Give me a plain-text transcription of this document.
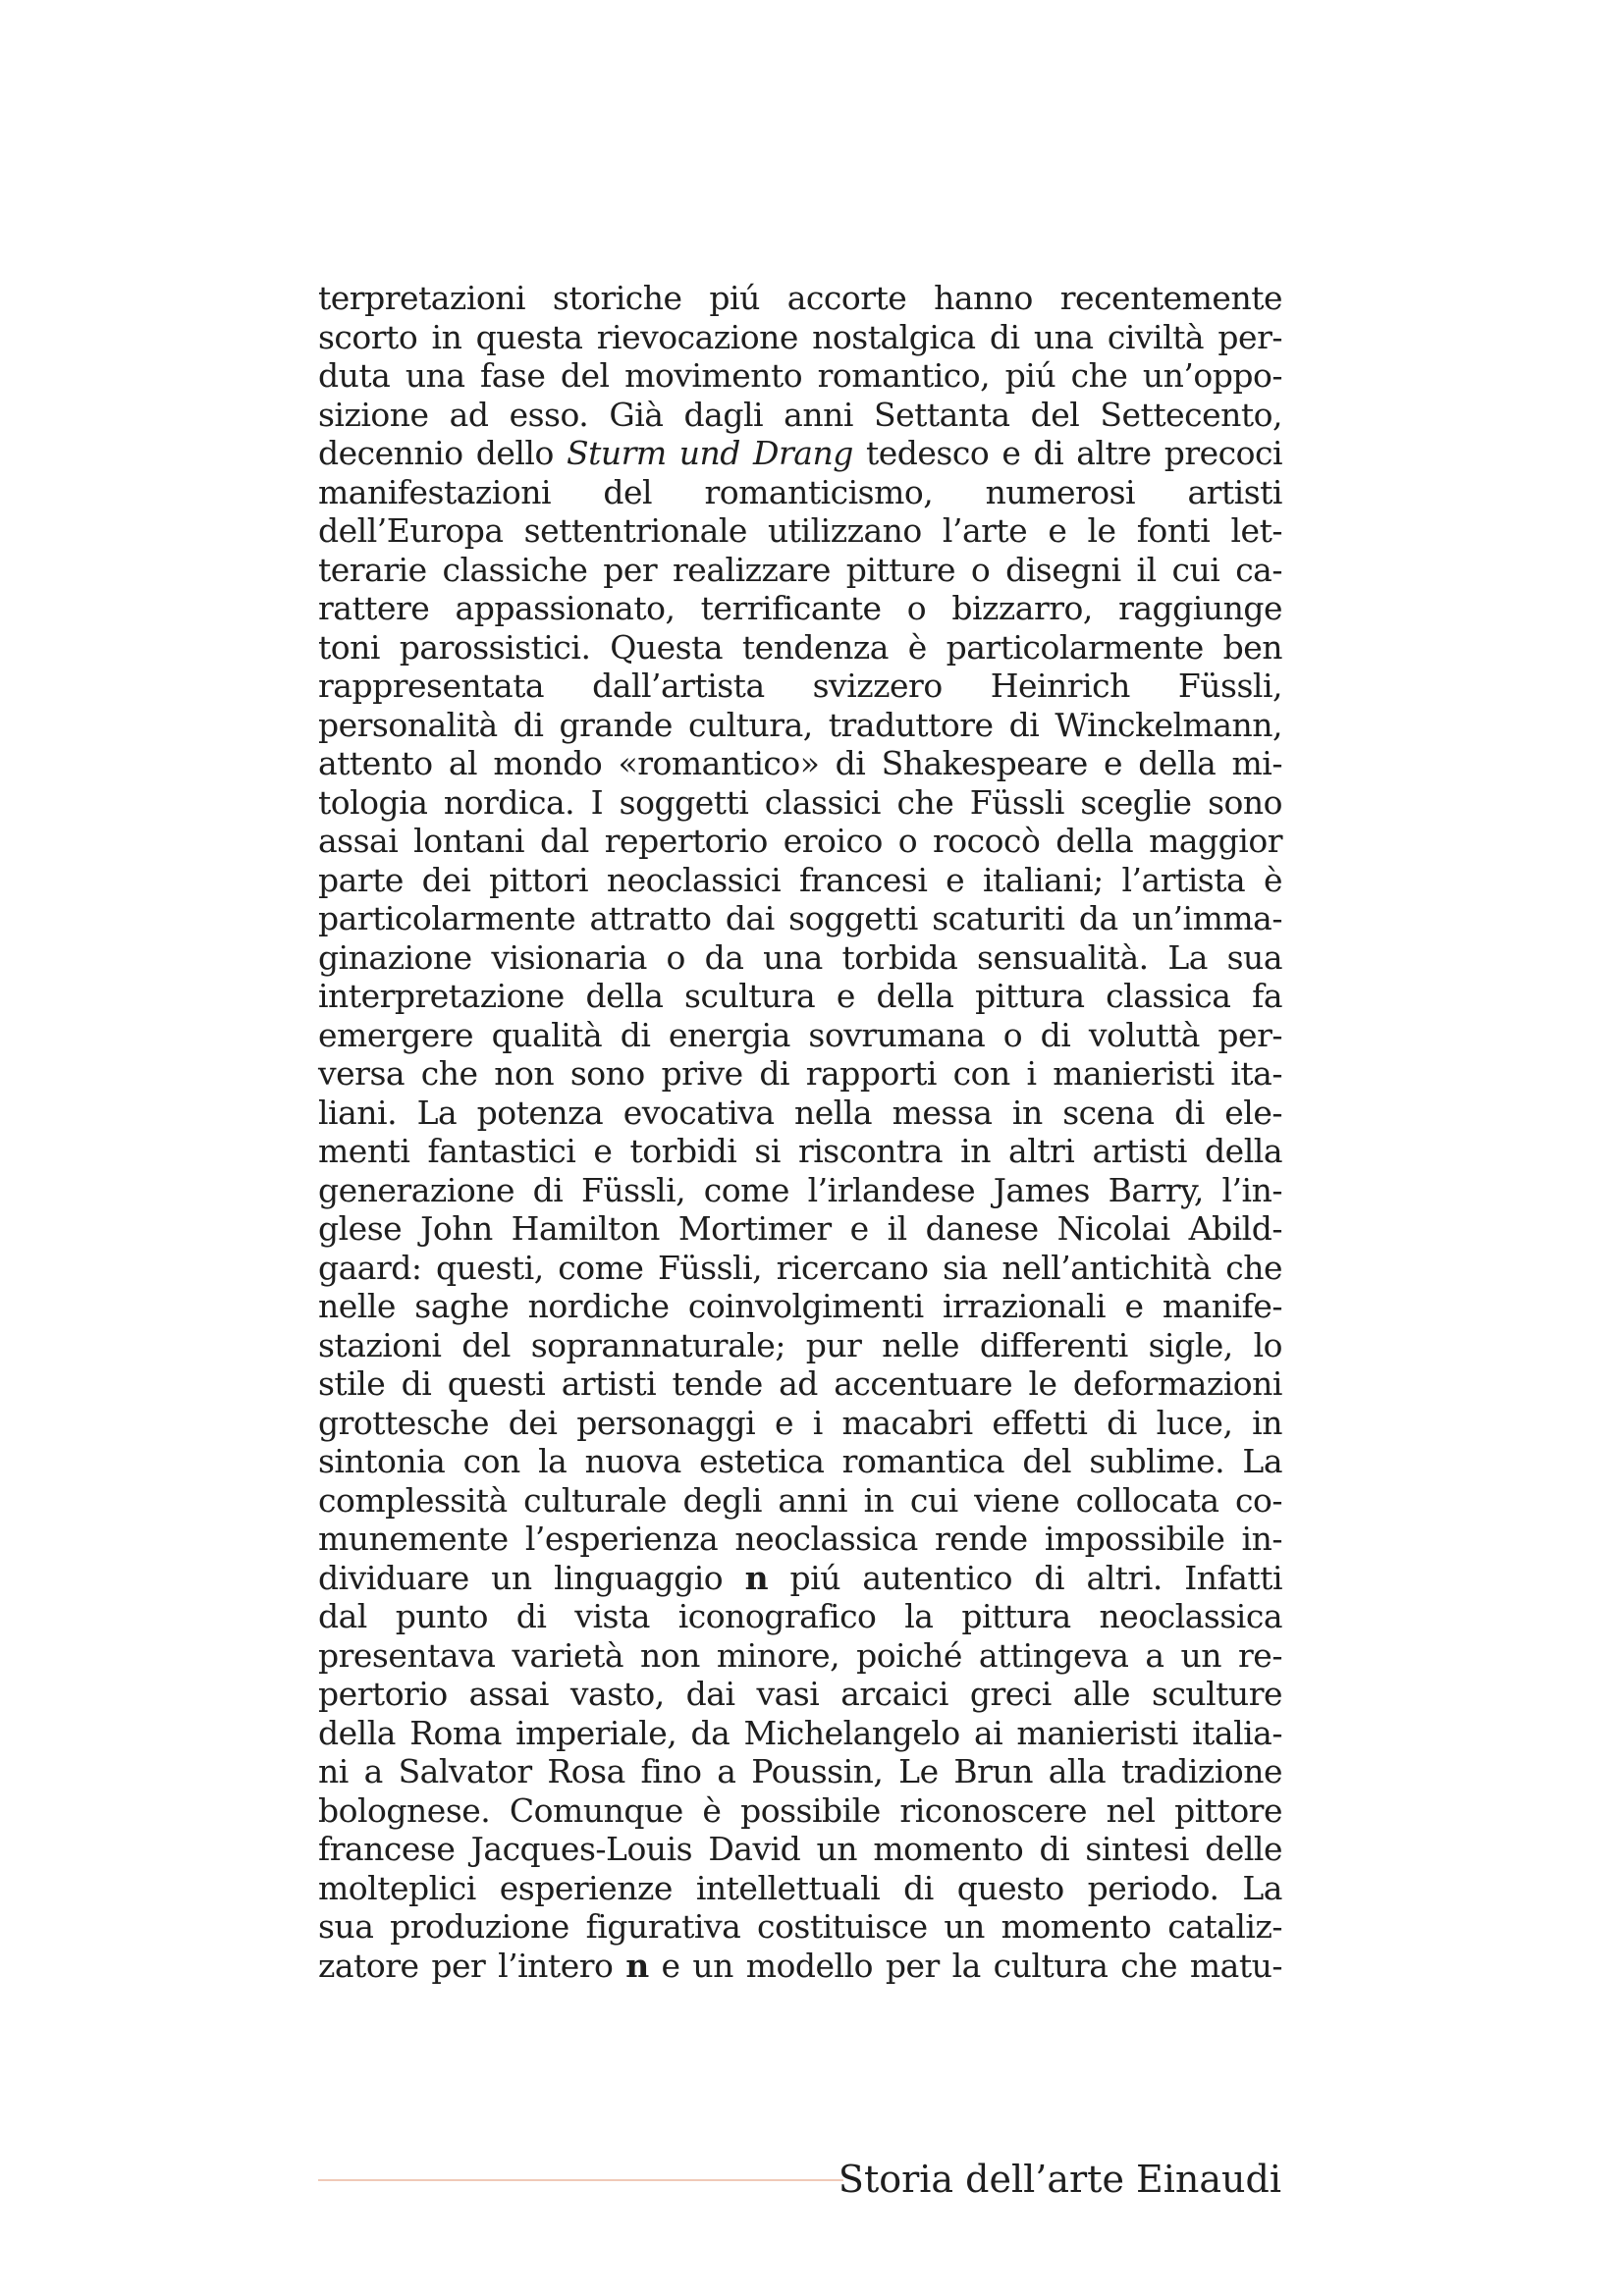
terpretazioni storiche piú accorte hanno recentemente
scorto in questa rievocazione nostalgica di una civiltà per-
duta una fase del movimento romantico, piú che un’oppo-
sizione ad esso. Già dagli anni Settanta del Settecento,
decennio dello Sturm und Drang tedesco e di altre precoci
manifestazioni del romanticismo, numerosi artisti
dell’Europa settentrionale utilizzano l’arte e le fonti let-
terarie classiche per realizzare pitture o disegni il cui ca-
rattere appassionato, terrificante o bizzarro, raggiunge
toni parossistici. Questa tendenza è particolarmente ben
rappresentata dall’artista svizzero Heinrich Füssli,
personalità di grande cultura, traduttore di Winckelmann,
attento al mondo «romantico» di Shakespeare e della mi-
tologia nordica. I soggetti classici che Füssli sceglie sono
assai lontani dal repertorio eroico o rococò della maggior
parte dei pittori neoclassici francesi e italiani; l’artista è
particolarmente attratto dai soggetti scaturiti da un’imma-
ginazione visionaria o da una torbida sensualità. La sua
interpretazione della scultura e della pittura classica fa
emergere qualità di energia sovrumana o di voluttà per-
versa che non sono prive di rapporti con i manieristi ita-
liani. La potenza evocativa nella messa in scena di ele-
menti fantastici e torbidi si riscontra in altri artisti della
generazione di Füssli, come l’irlandese James Barry, l’in-
glese John Hamilton Mortimer e il danese Nicolai Abild-
gaard: questi, come Füssli, ricercano sia nell’antichità che
nelle saghe nordiche coinvolgimenti irrazionali e manife-
stazioni del soprannaturale; pur nelle differenti sigle, lo
stile di questi artisti tende ad accentuare le deformazioni
grottesche dei personaggi e i macabri effetti di luce, in
sintonia con la nuova estetica romantica del sublime. La
complessità culturale degli anni in cui viene collocata co-
munemente l’esperienza neoclassica rende impossibile in-
dividuare un linguaggio n piú autentico di altri. Infatti
dal punto di vista iconografico la pittura neoclassica
presentava varietà non minore, poiché attingeva a un re-
pertorio assai vasto, dai vasi arcaici greci alle sculture
della Roma imperiale, da Michelangelo ai manieristi italia-
ni a Salvator Rosa fino a Poussin, Le Brun alla tradizione
bolognese. Comunque è possibile riconoscere nel pittore
francese Jacques-Louis David un momento di sintesi delle
molteplici esperienze intellettuali di questo periodo. La
sua produzione figurativa costituisce un momento cataliz-
zatore per l’intero n e un modello per la cultura che matu-
Storia dell’arte Einaudi
